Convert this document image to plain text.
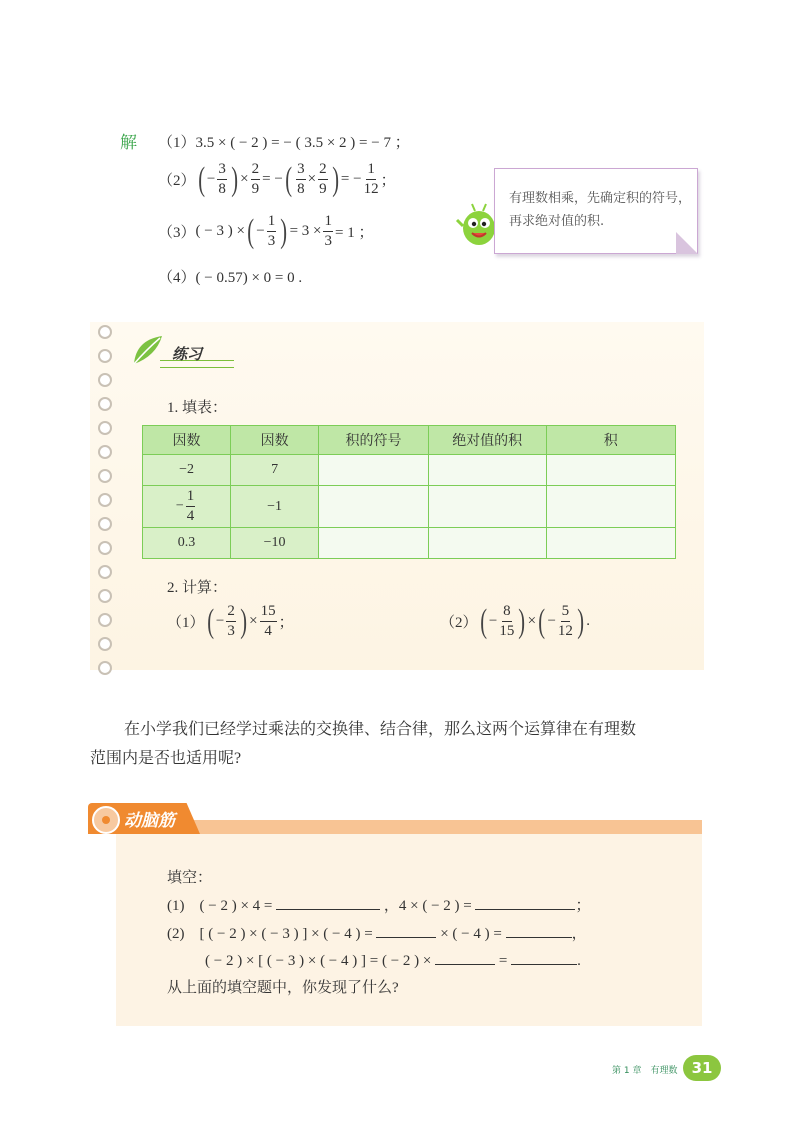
解 （1）3.5 × ( − 2 ) = − ( 3.5 × 2 ) = − 7 ；
（2） ( − $\frac{3}{8}$ ) × $\frac{2}{9}$ = − ( $\frac{3}{8} \times \frac{2}{9}$ ) = − $\frac{1}{12}$ ；
（3） ( − 3 ) × ( − $\frac{1}{3}$ ) = $3 \times \frac{1}{3} = 1$ ；
（4）( − 0.57) × 0 = 0 .
有理数相乘，先确定积的符号，再求绝对值的积.
练习
1. 填表：
因数	因数	积的符号	绝对值的积	积
−2	7			
− $\frac{1}{4}$	−1			
0.3	−10			
2. 计算：
（1） ( − $\frac{2}{3}$ ) × $\frac{15}{4}$ ；	（2） ( − $\frac{8}{15}$ ) × ( − $\frac{5}{12}$ ) .
在小学我们已经学过乘法的交换律、结合律，那么这两个运算律在有理数
范围内是否也适用呢?
动脑筋
填空：
(1)　( − 2 ) × 4 =	，4 × ( − 2 ) =	；
(2)　[ ( − 2 ) × ( − 3 ) ] × ( − 4 ) =	× ( − 4 ) =	，
( − 2 ) × [ ( − 3 ) × ( − 4 ) ] = ( − 2 ) ×	=	.
从上面的填空题中，你发现了什么?
第 1 章　有理数 31
